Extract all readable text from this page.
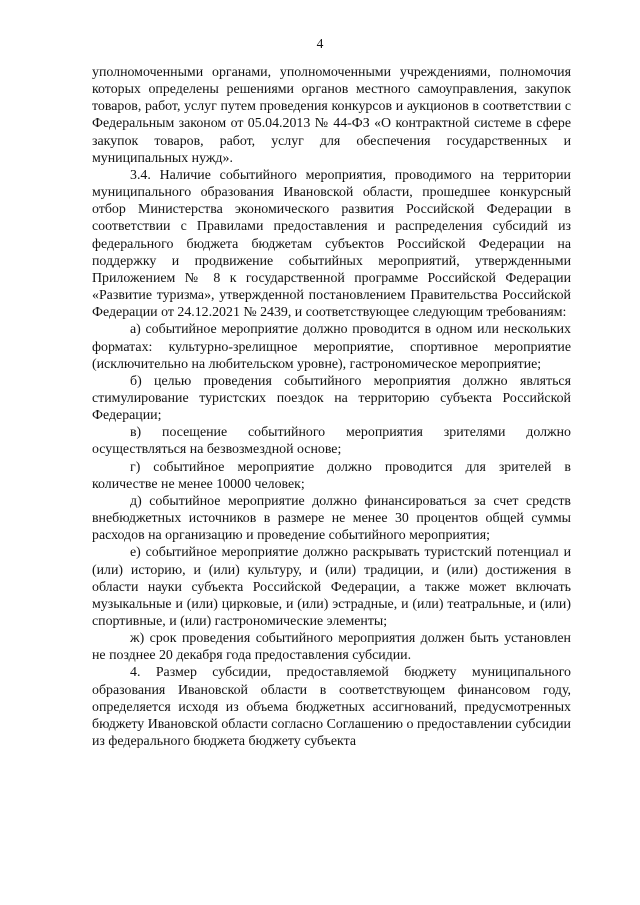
4

уполномоченными органами, уполномоченными учреждениями, полномочия которых определены решениями органов местного самоуправления, закупок товаров, работ, услуг путем проведения конкурсов и аукционов в соответствии с Федеральным законом от 05.04.2013 № 44-ФЗ «О контрактной системе в сфере закупок товаров, работ, услуг для обеспечения государственных и муниципальных нужд».

3.4. Наличие событийного мероприятия, проводимого на территории муниципального образования Ивановской области, прошедшее конкурсный отбор Министерства экономического развития Российской Федерации в соответствии с Правилами предоставления и распределения субсидий из федерального бюджета бюджетам субъектов Российской Федерации на поддержку и продвижение событийных мероприятий, утвержденными Приложением № 8 к государственной программе Российской Федерации «Развитие туризма», утвержденной постановлением Правительства Российской Федерации от 24.12.2021 № 2439, и соответствующее следующим требованиям:

а) событийное мероприятие должно проводится в одном или нескольких форматах: культурно-зрелищное мероприятие, спортивное мероприятие (исключительно на любительском уровне), гастрономическое мероприятие;

б) целью проведения событийного мероприятия должно являться стимулирование туристских поездок на территорию субъекта Российской Федерации;

в) посещение событийного мероприятия зрителями должно осуществляться на безвозмездной основе;

г) событийное мероприятие должно проводится для зрителей в количестве не менее 10000 человек;

д) событийное мероприятие должно финансироваться за счет средств внебюджетных источников в размере не менее 30 процентов общей суммы расходов на организацию и проведение событийного мероприятия;

е) событийное мероприятие должно раскрывать туристский потенциал и (или) историю, и (или) культуру, и (или) традиции, и (или) достижения в области науки субъекта Российской Федерации, а также может включать музыкальные и (или) цирковые, и (или) эстрадные, и (или) театральные, и (или) спортивные, и (или) гастрономические элементы;

ж) срок проведения событийного мероприятия должен быть установлен не позднее 20 декабря года предоставления субсидии.

4. Размер субсидии, предоставляемой бюджету муниципального образования Ивановской области в соответствующем финансовом году, определяется исходя из объема бюджетных ассигнований, предусмотренных бюджету Ивановской области согласно Соглашению о предоставлении субсидии из федерального бюджета бюджету субъекта
